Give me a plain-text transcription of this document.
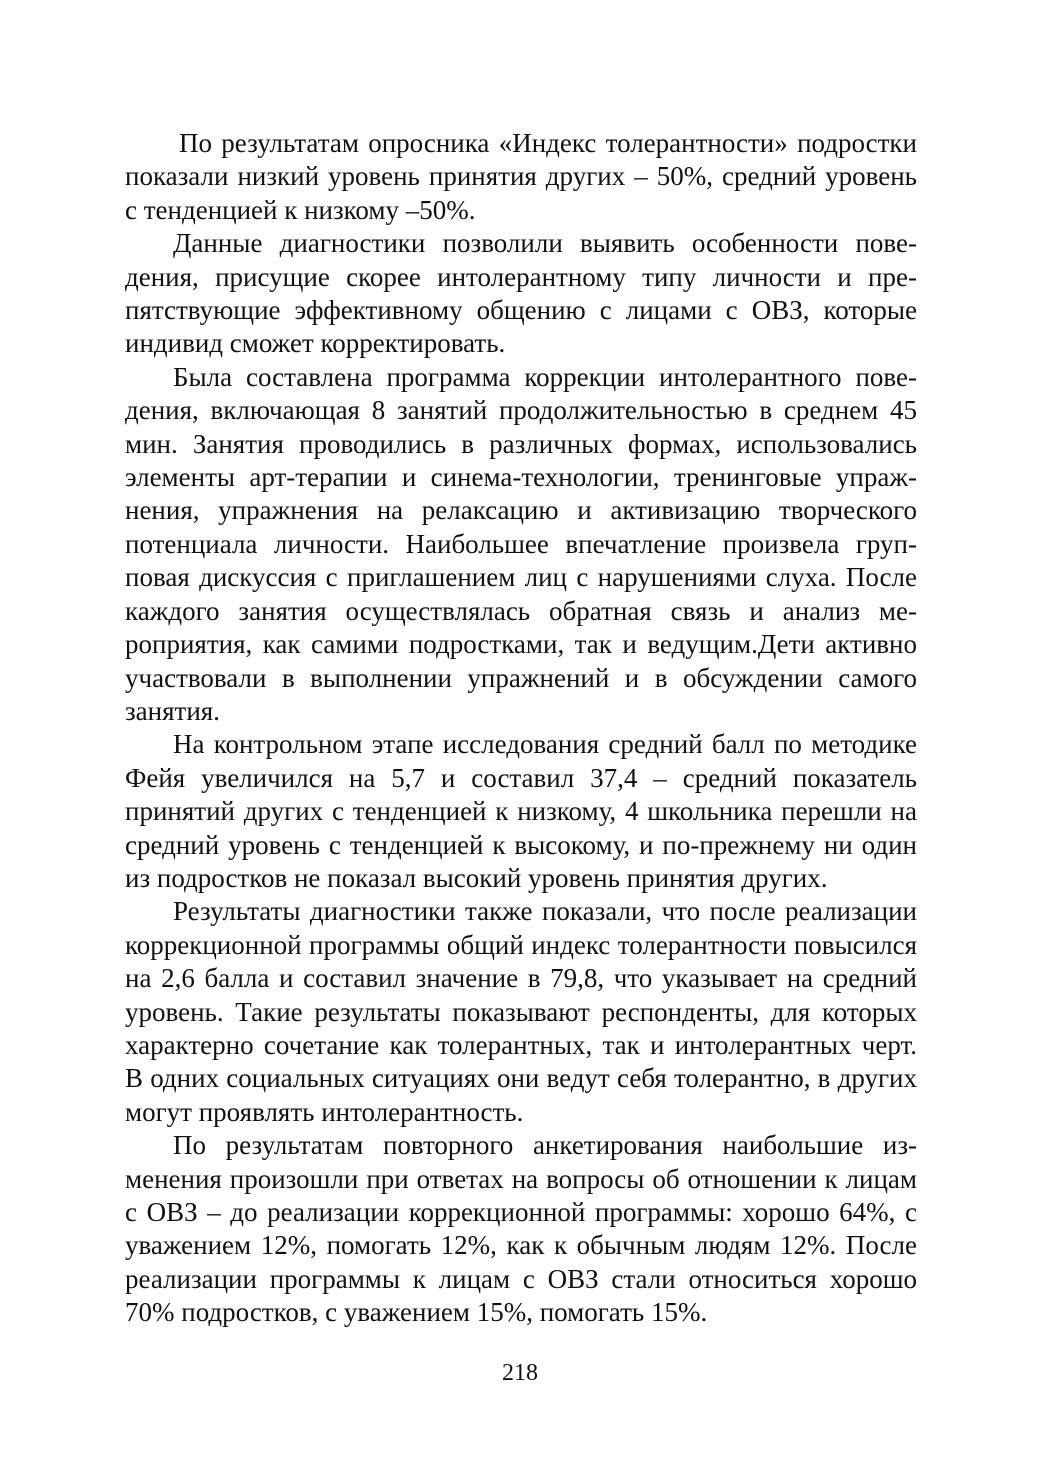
По результатам опросника «Индекс толерантности» подростки показали низкий уровень принятия других – 50%, средний уровень с тенденцией к низкому –50%.

Данные диагностики позволили выявить особенности поведения, присущие скорее интолерантному типу личности и препятствующие эффективному общению с лицами с ОВЗ, которые индивид сможет корректировать.

Была составлена программа коррекции интолерантного поведения, включающая 8 занятий продолжительностью в среднем 45 мин. Занятия проводились в различных формах, использовались элементы арт-терапии и синема-технологии, тренинговые упражнения, упражнения на релаксацию и активизацию творческого потенциала личности. Наибольшее впечатление произвела групповая дискуссия с приглашением лиц с нарушениями слуха. После каждого занятия осуществлялась обратная связь и анализ мероприятия, как самими подростками, так и ведущим.Дети активно участвовали в выполнении упражнений и в обсуждении самого занятия.

На контрольном этапе исследования средний балл по методике Фейя увеличился на 5,7 и составил 37,4 – средний показатель принятий других с тенденцией к низкому, 4 школьника перешли на средний уровень с тенденцией к высокому, и по-прежнему ни один из подростков не показал высокий уровень принятия других.

Результаты диагностики также показали, что после реализации коррекционной программы общий индекс толерантности повысился на 2,6 балла и составил значение в 79,8, что указывает на средний уровень. Такие результаты показывают респонденты, для которых характерно сочетание как толерантных, так и интолерантных черт. В одних социальных ситуациях они ведут себя толерантно, в других могут проявлять интолерантность.

По результатам повторного анкетирования наибольшие изменения произошли при ответах на вопросы об отношении к лицам с ОВЗ – до реализации коррекционной программы: хорошо 64%, с уважением 12%, помогать 12%, как к обычным людям 12%. После реализации программы к лицам с ОВЗ стали относиться хорошо 70% подростков, с уважением 15%, помогать 15%.

218
